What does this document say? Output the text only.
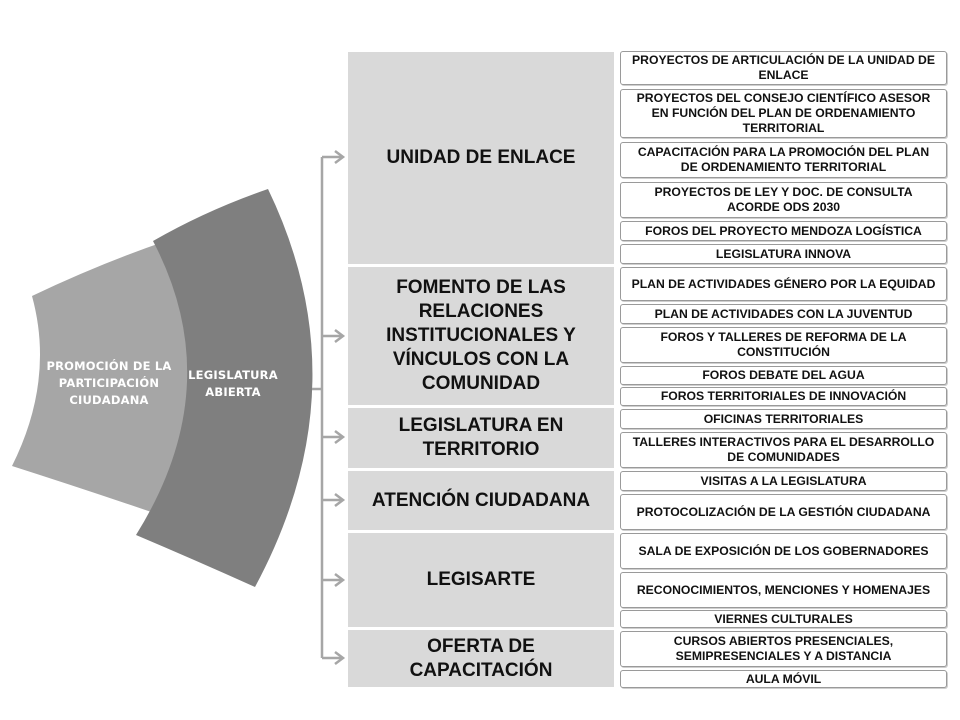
PROMOCIÓN DE LA PARTICIPACIÓN CIUDADANA
LEGISLATURA ABIERTA
UNIDAD DE ENLACE
FOMENTO DE LAS RELACIONES INSTITUCIONALES Y VÍNCULOS CON LA COMUNIDAD
LEGISLATURA EN TERRITORIO
ATENCIÓN CIUDADANA
LEGISARTE
OFERTA DE CAPACITACIÓN
PROYECTOS DE ARTICULACIÓN DE LA UNIDAD DE ENLACE
PROYECTOS DEL CONSEJO CIENTÍFICO ASESOR EN FUNCIÓN DEL PLAN DE ORDENAMIENTO TERRITORIAL
CAPACITACIÓN PARA LA PROMOCIÓN DEL PLAN DE ORDENAMIENTO TERRITORIAL
PROYECTOS DE LEY Y DOC. DE CONSULTA ACORDE ODS 2030
FOROS DEL PROYECTO MENDOZA LOGÍSTICA
LEGISLATURA INNOVA
PLAN DE ACTIVIDADES GÉNERO POR LA EQUIDAD
PLAN DE ACTIVIDADES CON LA JUVENTUD
FOROS Y TALLERES DE REFORMA DE LA CONSTITUCIÓN
FOROS DEBATE DEL AGUA
FOROS TERRITORIALES DE INNOVACIÓN
OFICINAS TERRITORIALES
TALLERES INTERACTIVOS PARA EL DESARROLLO DE COMUNIDADES
VISITAS A LA LEGISLATURA
PROTOCOLIZACIÓN DE LA GESTIÓN CIUDADANA
SALA DE EXPOSICIÓN DE LOS GOBERNADORES
RECONOCIMIENTOS, MENCIONES Y HOMENAJES
VIERNES CULTURALES
CURSOS ABIERTOS PRESENCIALES, SEMIPRESENCIALES Y A DISTANCIA
AULA MÓVIL
